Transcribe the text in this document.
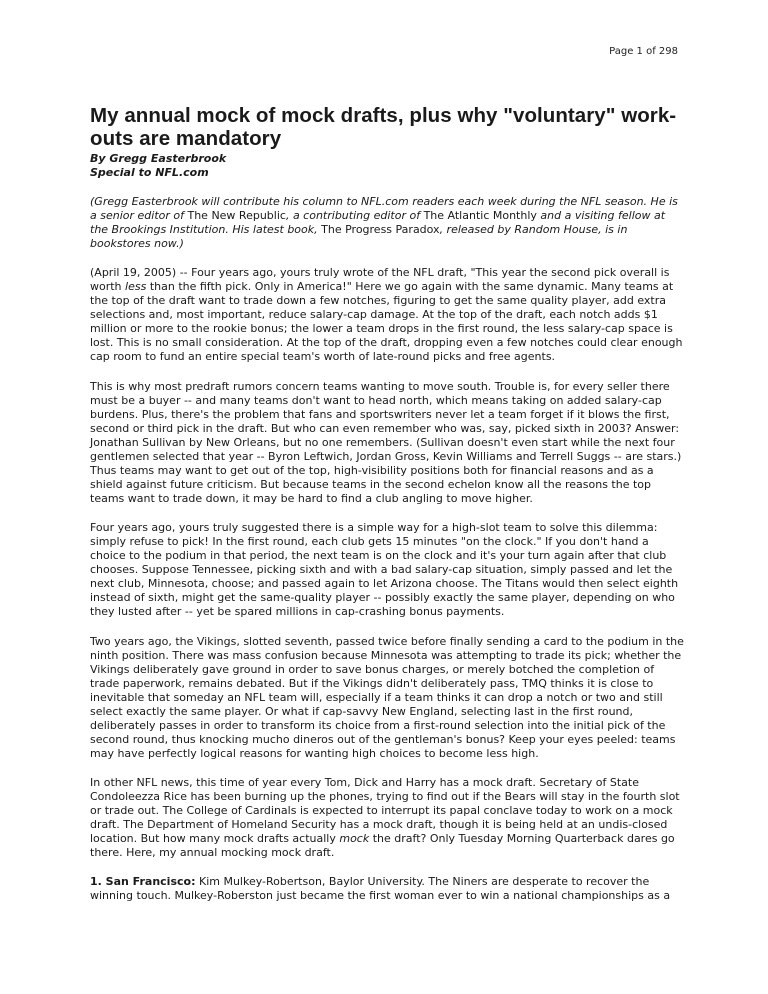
Page 1 of 298
My annual mock of mock drafts, plus why "voluntary" work-outs are mandatory
By Gregg Easterbrook
Special to NFL.com

(Gregg Easterbrook will contribute his column to NFL.com readers each week during the NFL season. He is a senior editor of The New Republic, a contributing editor of The Atlantic Monthly and a visiting fellow at the Brookings Institution. His latest book, The Progress Paradox, released by Random House, is in bookstores now.)

(April 19, 2005) -- Four years ago, yours truly wrote of the NFL draft, "This year the second pick overall is worth less than the fifth pick. Only in America!" Here we go again with the same dynamic. Many teams at the top of the draft want to trade down a few notches, figuring to get the same quality player, add extra selections and, most important, reduce salary-cap damage. At the top of the draft, each notch adds $1 million or more to the rookie bonus; the lower a team drops in the first round, the less salary-cap space is lost. This is no small consideration. At the top of the draft, dropping even a few notches could clear enough cap room to fund an entire special team's worth of late-round picks and free agents.

This is why most predraft rumors concern teams wanting to move south. Trouble is, for every seller there must be a buyer -- and many teams don't want to head north, which means taking on added salary-cap burdens. Plus, there's the problem that fans and sportswriters never let a team forget if it blows the first, second or third pick in the draft. But who can even remember who was, say, picked sixth in 2003? Answer: Jonathan Sullivan by New Orleans, but no one remembers. (Sullivan doesn't even start while the next four gentlemen selected that year -- Byron Leftwich, Jordan Gross, Kevin Williams and Terrell Suggs -- are stars.) Thus teams may want to get out of the top, high-visibility positions both for financial reasons and as a shield against future criticism. But because teams in the second echelon know all the reasons the top teams want to trade down, it may be hard to find a club angling to move higher.

Four years ago, yours truly suggested there is a simple way for a high-slot team to solve this dilemma: simply refuse to pick! In the first round, each club gets 15 minutes "on the clock." If you don't hand a choice to the podium in that period, the next team is on the clock and it's your turn again after that club chooses. Suppose Tennessee, picking sixth and with a bad salary-cap situation, simply passed and let the next club, Minnesota, choose; and passed again to let Arizona choose. The Titans would then select eighth instead of sixth, might get the same-quality player -- possibly exactly the same player, depending on who they lusted after -- yet be spared millions in cap-crashing bonus payments.

Two years ago, the Vikings, slotted seventh, passed twice before finally sending a card to the podium in the ninth position. There was mass confusion because Minnesota was attempting to trade its pick; whether the Vikings deliberately gave ground in order to save bonus charges, or merely botched the completion of trade paperwork, remains debated. But if the Vikings didn't deliberately pass, TMQ thinks it is close to inevitable that someday an NFL team will, especially if a team thinks it can drop a notch or two and still select exactly the same player. Or what if cap-savvy New England, selecting last in the first round, deliberately passes in order to transform its choice from a first-round selection into the initial pick of the second round, thus knocking mucho dineros out of the gentleman's bonus? Keep your eyes peeled: teams may have perfectly logical reasons for wanting high choices to become less high.

In other NFL news, this time of year every Tom, Dick and Harry has a mock draft. Secretary of State Condoleezza Rice has been burning up the phones, trying to find out if the Bears will stay in the fourth slot or trade out. The College of Cardinals is expected to interrupt its papal conclave today to work on a mock draft. The Department of Homeland Security has a mock draft, though it is being held at an undis-closed location. But how many mock drafts actually mock the draft? Only Tuesday Morning Quarterback dares go there. Here, my annual mocking mock draft.

1. San Francisco: Kim Mulkey-Robertson, Baylor University. The Niners are desperate to recover the winning touch. Mulkey-Roberston just became the first woman ever to win a national championships as a
